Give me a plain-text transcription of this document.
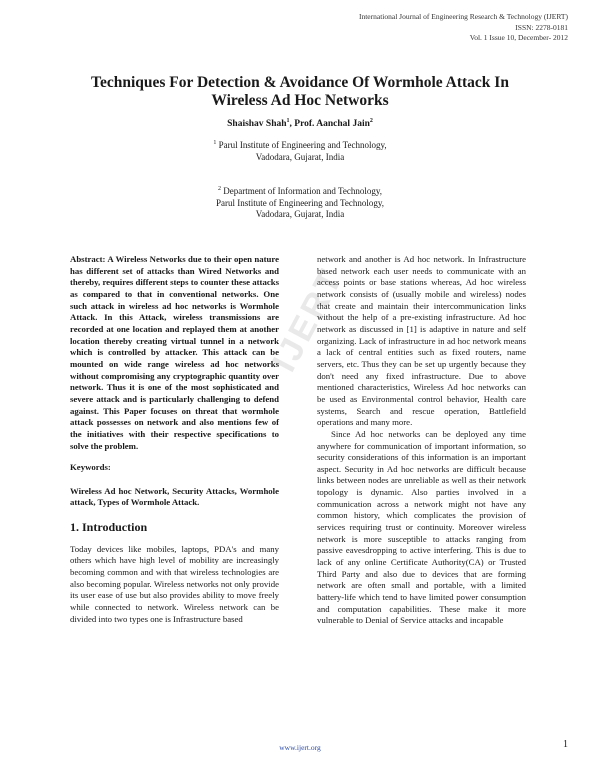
International Journal of Engineering Research & Technology (IJERT)
ISSN: 2278-0181
Vol. 1 Issue 10, December- 2012
Techniques For Detection & Avoidance Of Wormhole Attack In
Wireless Ad Hoc Networks
Shaishav Shah$^1$, Prof. Aanchal Jain$^2$
$^1$ Parul Institute of Engineering and Technology,
Vadodara, Gujarat, India
$^2$ Department of Information and Technology,
Parul Institute of Engineering and Technology,
Vadodara, Gujarat, India
IJERT

Abstract: A Wireless Networks due to their open nature has different set of attacks than Wired Networks and thereby, requires different steps to counter these attacks as compared to that in conventional networks. One such attack in wireless ad hoc networks is Wormhole Attack. In this Attack, wireless transmissions are recorded at one location and replayed them at another location thereby creating virtual tunnel in a network which is controlled by attacker. This attack can be mounted on wide range wireless ad hoc networks without compromising any cryptographic quantity over network. Thus it is one of the most sophisticated and severe attack and is particularly challenging to defend against. This Paper focuses on threat that wormhole attack possesses on network and also mentions few of the initiatives with their respective specifications to solve the problem.

Keywords:

Wireless Ad hoc Network, Security Attacks, Wormhole attack, Types of Wormhole Attack.

1. Introduction

Today devices like mobiles, laptops, PDA's and many others which have high level of mobility are increasingly becoming common and with that wireless technologies are also becoming popular. Wireless networks not only provide its user ease of use but also provides ability to move freely while connected to network. Wireless network can be divided into two types one is Infrastructure based

network and another is Ad hoc network. In Infrastructure based network each user needs to communicate with an access points or base stations whereas, Ad hoc wireless network consists of (usually mobile and wireless) nodes that create and maintain their intercommunication links without the help of a pre-existing infrastructure. Ad hoc network as discussed in [1] is adaptive in nature and self organizing. Lack of infrastructure in ad hoc network means a lack of central entities such as fixed routers, name servers, etc. Thus they can be set up urgently because they don't need any fixed infrastructure. Due to above mentioned characteristics, Wireless Ad hoc networks can be used as Environmental control behavior, Health care systems, Search and rescue operation, Battlefield operations and many more.

Since Ad hoc networks can be deployed any time anywhere for communication of important information, so security considerations of this information is an important aspect. Security in Ad hoc networks are difficult because links between nodes are unreliable as well as their network topology is dynamic. Also parties involved in a communication across a network might not have any common history, which complicates the provision of services requiring trust or continuity. Moreover wireless network is more susceptible to attacks ranging from passive eavesdropping to active interfering. This is due to lack of any online Certificate Authority(CA) or Trusted Third Party and also due to devices that are forming network are often small and portable, with a limited battery-life which tend to have limited power consumption and computation capabilities. These make it more vulnerable to Denial of Service attacks and incapable

www.ijert.org	1
